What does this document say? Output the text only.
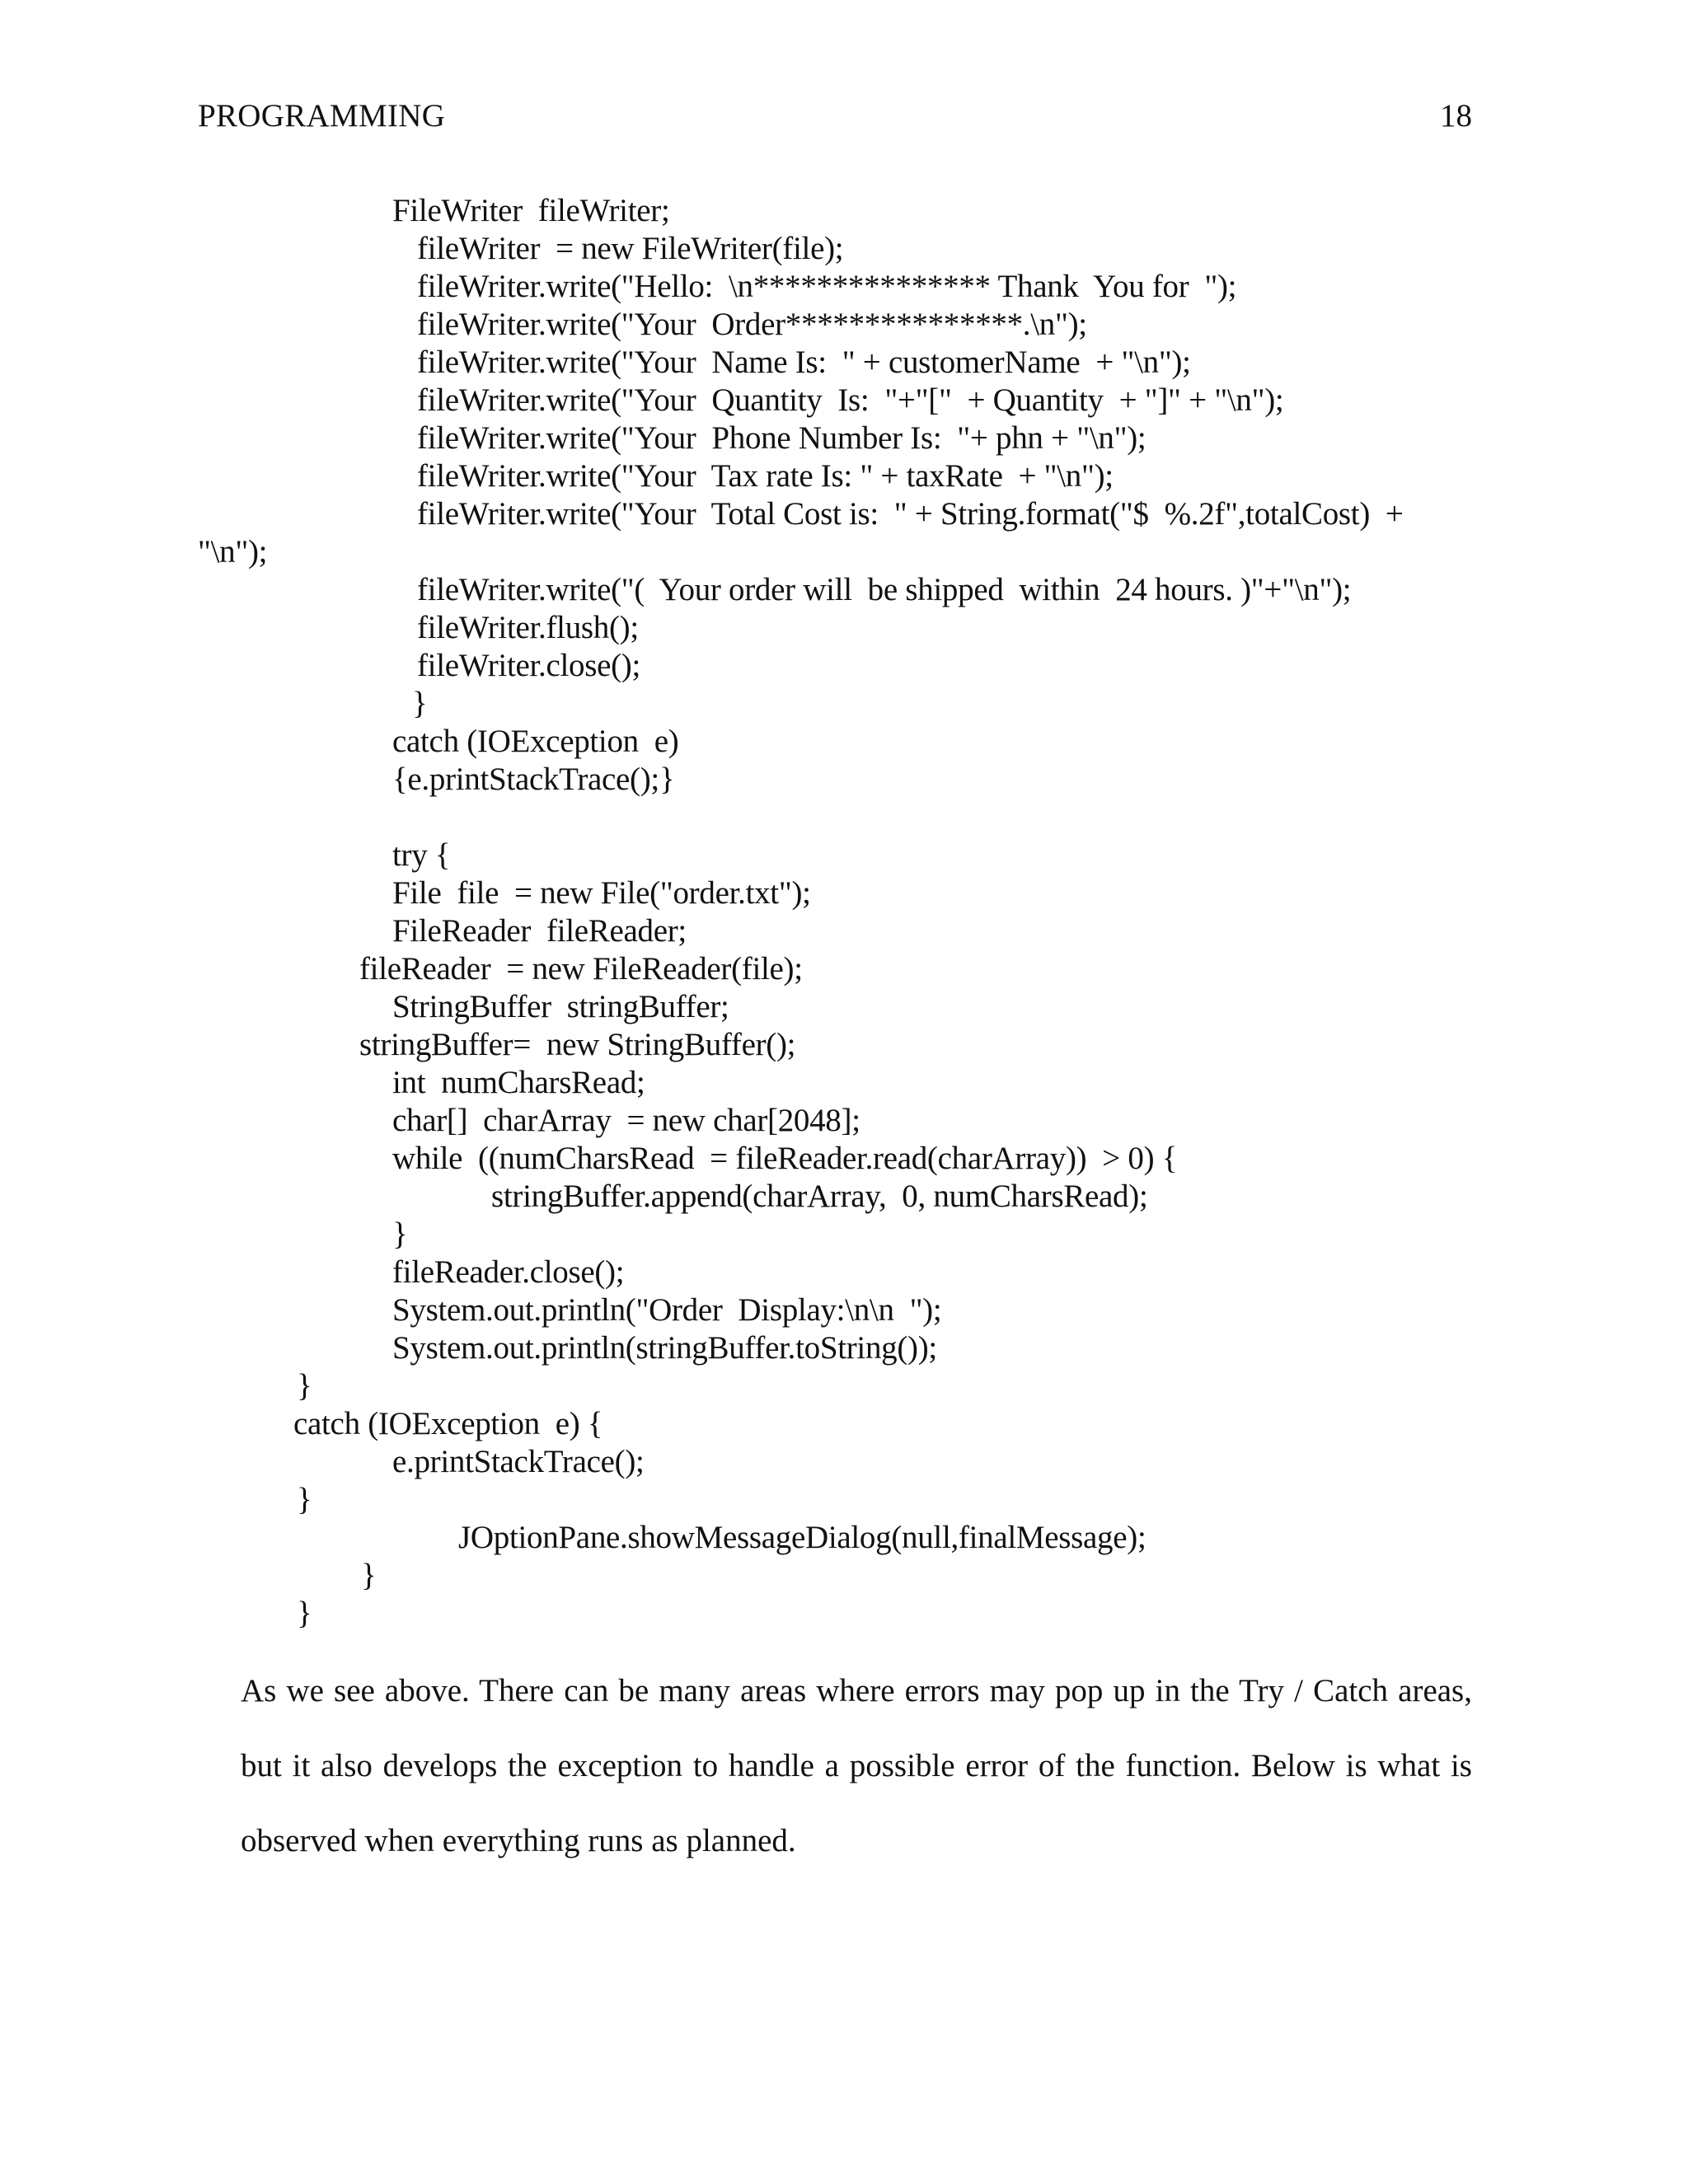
PROGRAMMING	18
FileWriter  fileWriter;
fileWriter  = new FileWriter(file);
fileWriter.write("Hello:  \n*************** Thank  You for  ");
fileWriter.write("Your  Order***************.\n");
fileWriter.write("Your  Name Is:  " + customerName  + "\n");
fileWriter.write("Your  Quantity  Is:  "+"["  + Quantity  + "]" + "\n");
fileWriter.write("Your  Phone Number Is:  "+ phn + "\n");
fileWriter.write("Your  Tax rate Is: " + taxRate  + "\n");
fileWriter.write("Your  Total Cost is:  " + String.format("$  %.2f",totalCost)  +
"\n");
fileWriter.write("(  Your order will  be shipped  within  24 hours. )"+"\n");
fileWriter.flush();
fileWriter.close();
}
catch (IOException  e)
{e.printStackTrace();}
try {
File  file  = new File("order.txt");
FileReader  fileReader;
fileReader  = new FileReader(file);
StringBuffer  stringBuffer;
stringBuffer=  new StringBuffer();
int  numCharsRead;
char[]  charArray  = new char[2048];
while  ((numCharsRead  = fileReader.read(charArray))  > 0) {
stringBuffer.append(charArray,  0, numCharsRead);
}
fileReader.close();
System.out.println("Order  Display:\n\n  ");
System.out.println(stringBuffer.toString());
}
catch (IOException  e) {
e.printStackTrace();
}
JOptionPane.showMessageDialog(null,finalMessage);
}
}
As we see above. There can be many areas where errors may pop up in the Try / Catch areas,
but it also develops the exception to handle a possible error of the function. Below is what is
observed when everything runs as planned.
